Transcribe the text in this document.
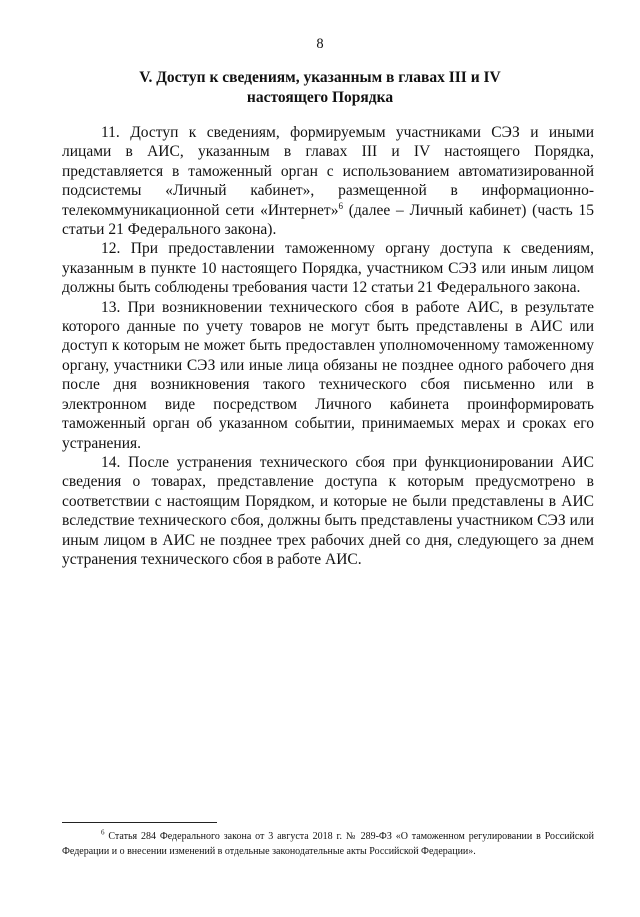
8
V. Доступ к сведениям, указанным в главах III и IV
настоящего Порядка

11. Доступ к сведениям, формируемым участниками СЭЗ и иными лицами в АИС, указанным в главах III и IV настоящего Порядка, представляется в таможенный орган с использованием автоматизированной подсистемы «Личный кабинет», размещенной в информационно-телекоммуникационной сети «Интернет»$^6$ (далее – Личный кабинет) (часть 15 статьи 21 Федерального закона).

12. При предоставлении таможенному органу доступа к сведениям, указанным в пункте 10 настоящего Порядка, участником СЭЗ или иным лицом должны быть соблюдены требования части 12 статьи 21 Федерального закона.

13. При возникновении технического сбоя в работе АИС, в результате которого данные по учету товаров не могут быть представлены в АИС или доступ к которым не может быть предоставлен уполномоченному таможенному органу, участники СЭЗ или иные лица обязаны не позднее одного рабочего дня после дня возникновения такого технического сбоя письменно или в электронном виде посредством Личного кабинета проинформировать таможенный орган об указанном событии, принимаемых мерах и сроках его устранения.

14. После устранения технического сбоя при функционировании АИС сведения о товарах, представление доступа к которым предусмотрено в соответствии с настоящим Порядком, и которые не были представлены в АИС вследствие технического сбоя, должны быть представлены участником СЭЗ или иным лицом в АИС не позднее трех рабочих дней со дня, следующего за днем устранения технического сбоя в работе АИС.

$^6$ Статья 284 Федерального закона от 3 августа 2018 г. № 289-ФЗ «О таможенном регулировании в Российской Федерации и о внесении изменений в отдельные законодательные акты Российской Федерации».
